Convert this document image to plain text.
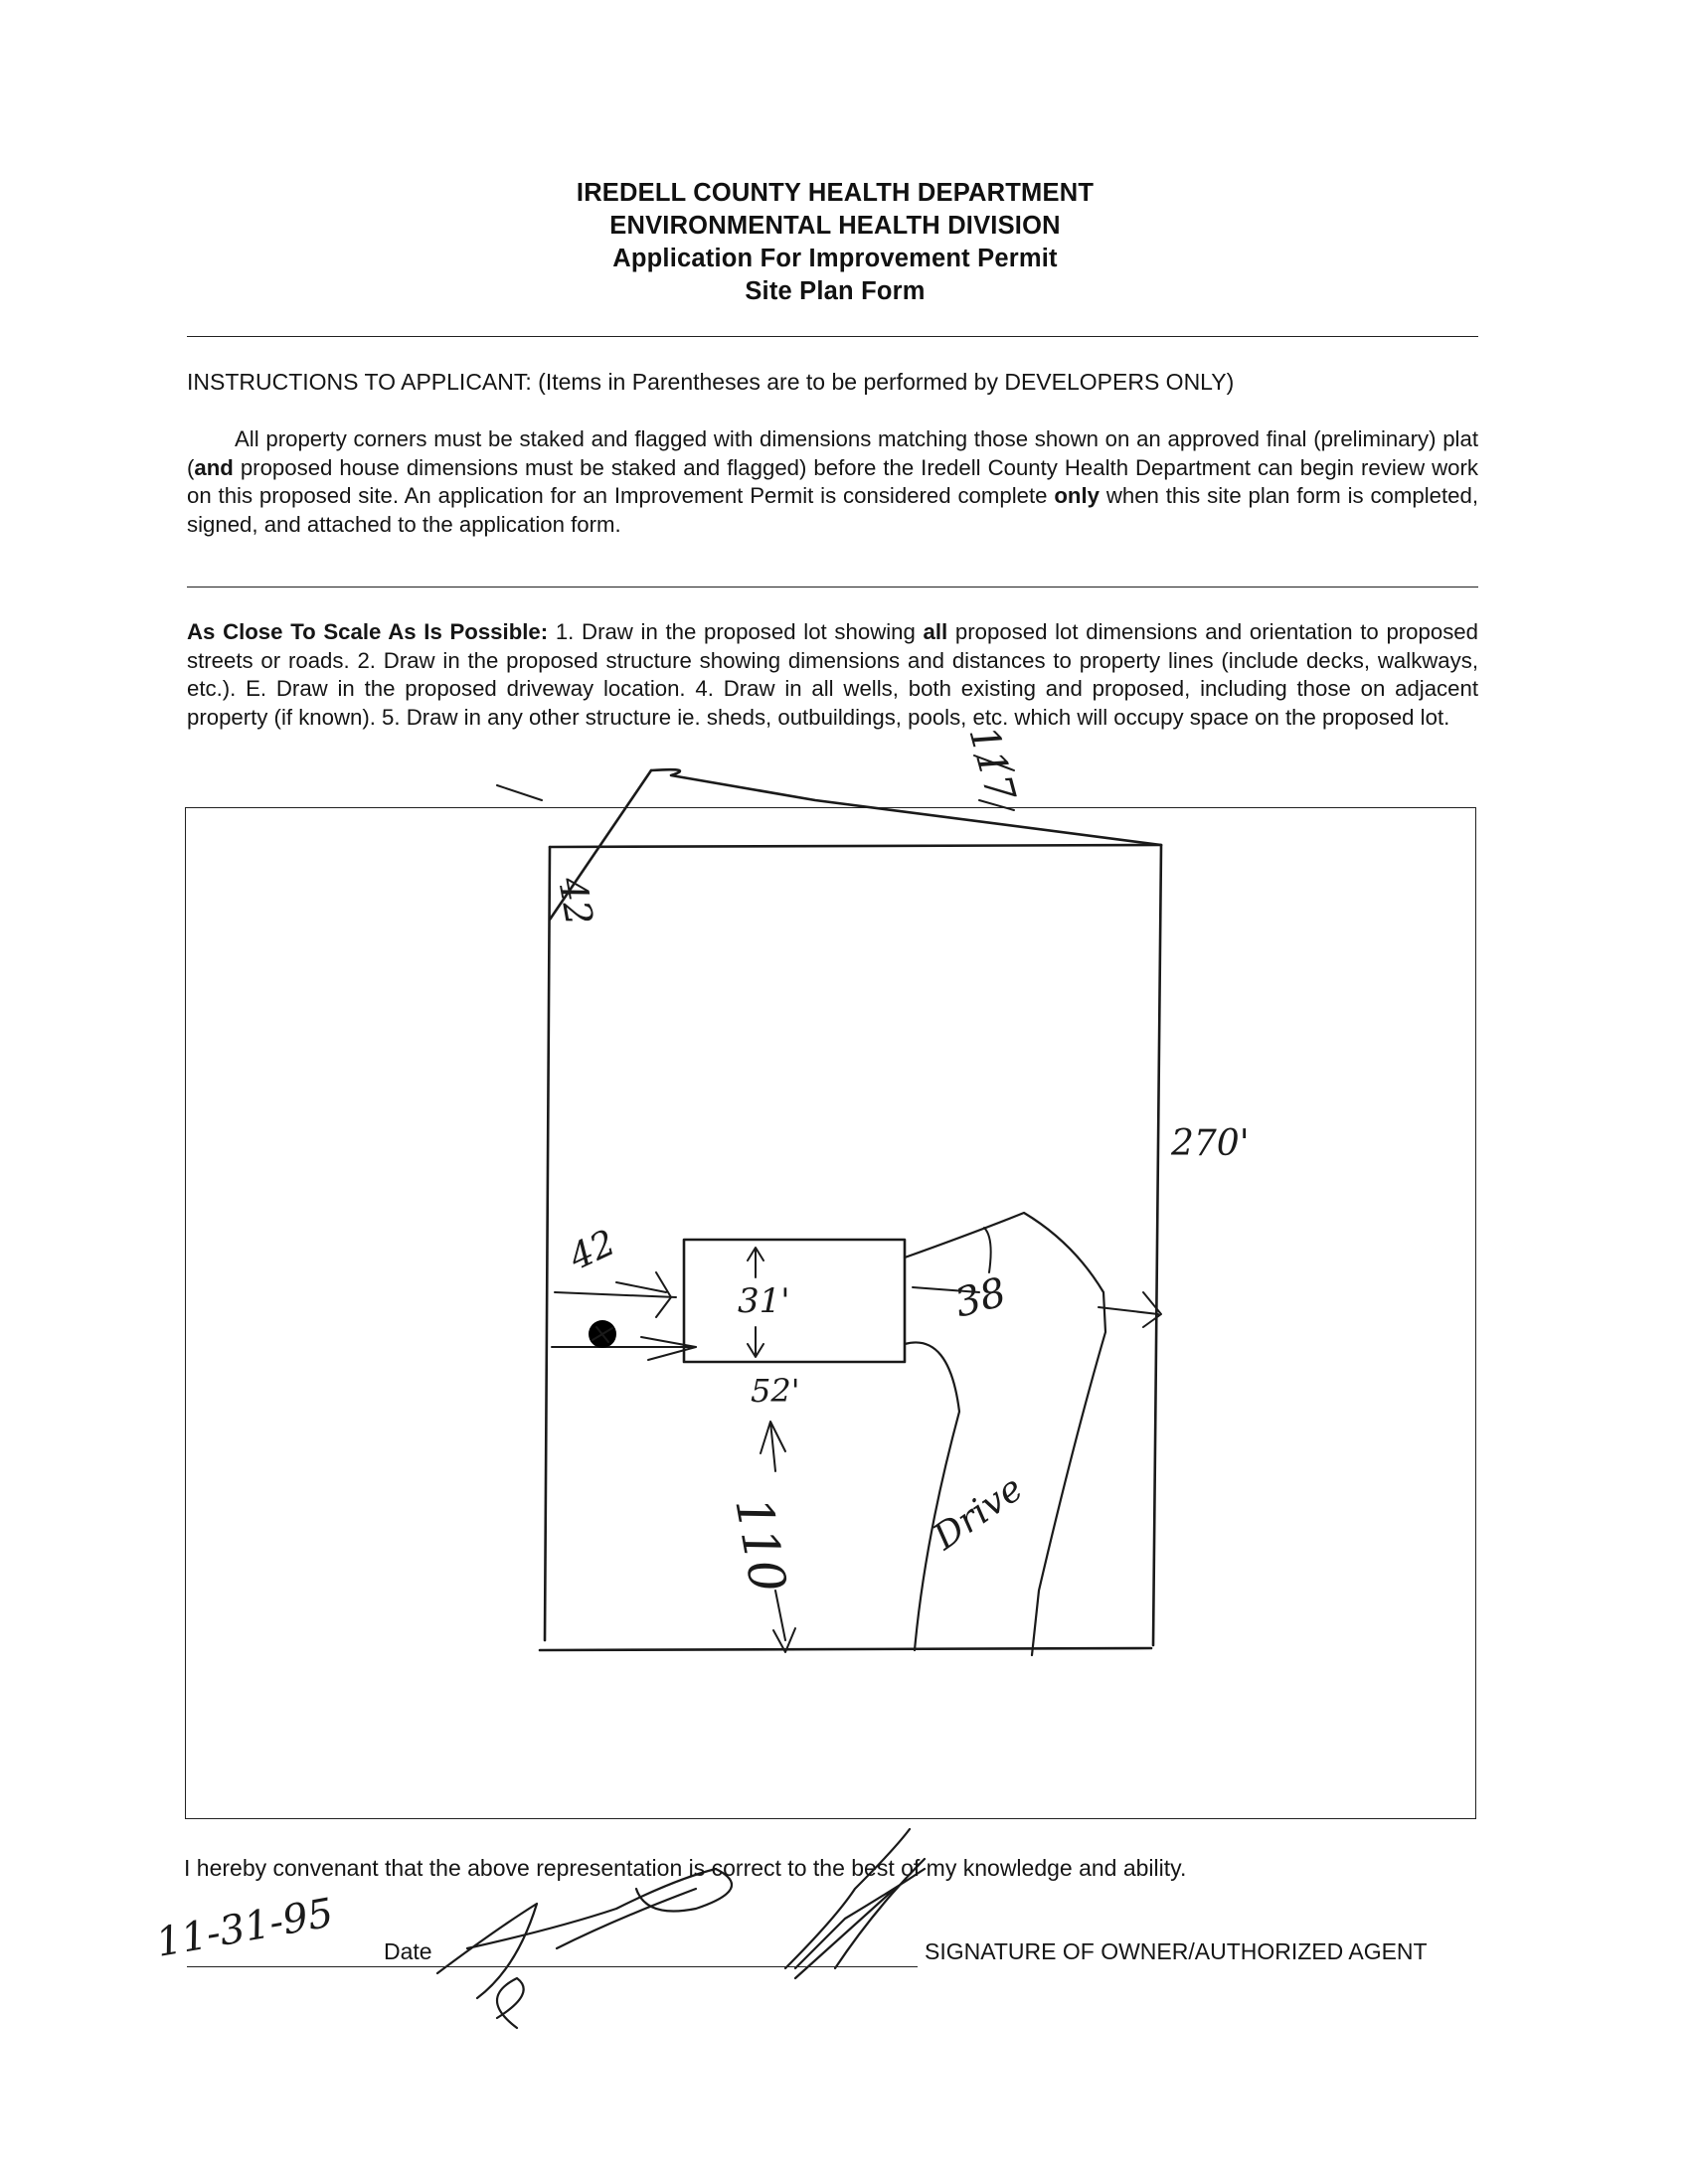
IREDELL COUNTY HEALTH DEPARTMENT
ENVIRONMENTAL HEALTH DIVISION
Application For Improvement Permit
Site Plan Form
INSTRUCTIONS TO APPLICANT: (Items in Parentheses are to be performed by DEVELOPERS ONLY)
All property corners must be staked and flagged with dimensions matching those shown on an approved final (preliminary) plat (and proposed house dimensions must be staked and flagged) before the Iredell County Health Department can begin review work on this proposed site. An application for an Improvement Permit is considered complete only when this site plan form is completed, signed, and attached to the application form.
As Close To Scale As Is Possible: 1. Draw in the proposed lot showing all proposed lot dimensions and orientation to proposed streets or roads. 2. Draw in the proposed structure showing dimensions and distances to property lines (include decks, walkways, etc.). E. Draw in the proposed driveway location. 4. Draw in all wells, both existing and proposed, including those on adjacent property (if known). 5. Draw in any other structure ie. sheds, outbuildings, pools, etc. which will occupy space on the proposed lot.
42
117
270'
42
31'	38
52'
110	Drive
11-31-95
I hereby convenant that the above representation is correct to the best of my knowledge and ability.
Date	SIGNATURE OF OWNER/AUTHORIZED AGENT
